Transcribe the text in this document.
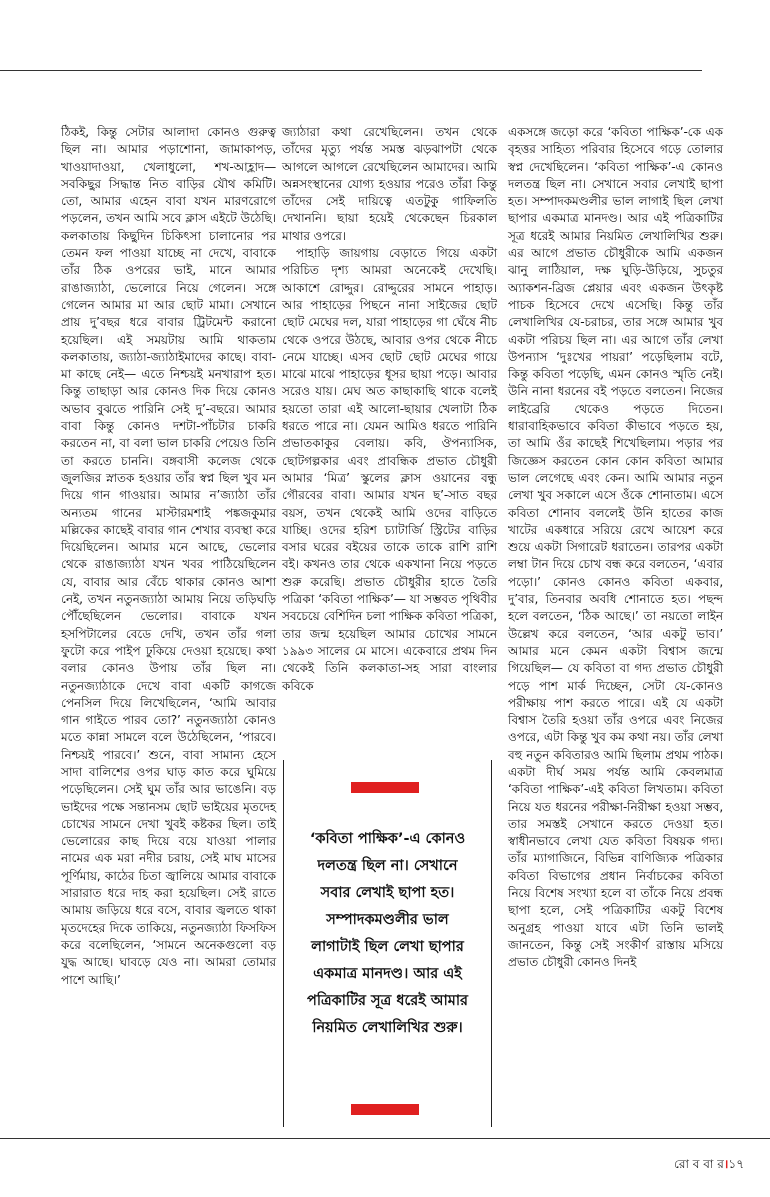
ঠিকই, কিন্তু সেটার আলাদা কোনও গুরুত্ব ছিল না। আমার পড়াশোনা, জামাকাপড়, খাওয়াদাওয়া, খেলাধুলো, শখ-আহ্লাদ— সবকিছুর সিদ্ধান্ত নিত বাড়ির যৌথ কমিটি। তো, আমার এহেন বাবা যখন মারণরোগে পড়লেন, তখন আমি সবে ক্লাস এইটে উঠেছি। কলকাতায় কিছুদিন চিকিৎসা চালানোর পর তেমন ফল পাওয়া যাচ্ছে না দেখে, বাবাকে তাঁর ঠিক ওপরের ভাই, মানে আমার রাঙাজ্যাঠা, ভেলোরে নিয়ে গেলেন। সঙ্গে গেলেন আমার মা আর ছোট মামা। সেখানে প্রায় দু’বছর ধরে বাবার ট্রিটমেন্ট করানো হয়েছিল। এই সময়টায় আমি থাকতাম কলকাতায়, জ্যাঠা-জ্যাঠাইমাদের কাছে। বাবা-মা কাছে নেই— এতে নিশ্চয়ই মনখারাপ হত। কিন্তু তাছাড়া আর কোনও দিক দিয়ে কোনও অভাব বুঝতে পারিনি সেই দু’-বছরে। আমার বাবা কিন্তু কোনও দশটা-পাঁচটার চাকরি করতেন না, বা বলা ভাল চাকরি পেয়েও তিনি তা করতে চাননি। বঙ্গবাসী কলেজ থেকে জুলজির স্নাতক হওয়ার তাঁর স্বপ্ন ছিল খুব মন দিয়ে গান গাওয়ার। আমার ন’জ্যাঠা তাঁর অন্যতম গানের মাস্টারমশাই পঙ্কজকুমার মল্লিকের কাছেই বাবার গান শেখার ব্যবস্থা করে দিয়েছিলেন। আমার মনে আছে, ভেলোর থেকে রাঙাজ্যাঠা যখন খবর পাঠিয়েছিলেন যে, বাবার আর বেঁচে থাকার কোনও আশা নেই, তখন নতুনজ্যাঠা আমায় নিয়ে তড়িঘড়ি পৌঁছেছিলেন ভেলোর। বাবাকে যখন হসপিটালের বেডে দেখি, তখন তাঁর গলা ফুটো করে পাইপ ঢুকিয়ে দেওয়া হয়েছে। কথা বলার কোনও উপায় তাঁর ছিল না। নতুনজ্যাঠাকে দেখে বাবা একটি কাগজে পেনসিল দিয়ে লিখেছিলেন, ‘আমি আবার গান গাইতে পারব তো?’ নতুনজ্যাঠা কোনও মতে কান্না সামলে বলে উঠেছিলেন, ‘পারবে। নিশ্চয়ই পারবে।’ শুনে, বাবা সামান্য হেসে সাদা বালিশের ওপর ঘাড় কাত করে ঘুমিয়ে পড়েছিলেন। সেই ঘুম তাঁর আর ভাঙেনি। বড় ভাইদের পক্ষে সন্তানসম ছোট ভাইয়ের মৃতদেহ চোখের সামনে দেখা খুবই কষ্টকর ছিল। তাই ভেলোরের কাছ দিয়ে বয়ে যাওয়া পালার নামের এক মরা নদীর চরায়, সেই মাঘ মাসের পূর্ণিমায়, কাঠের চিতা জ্বালিয়ে আমার বাবাকে সারারাত ধরে দাহ করা হয়েছিল। সেই রাতে আমায় জড়িয়ে ধরে বসে, বাবার জ্বলতে থাকা মৃতদেহের দিকে তাকিয়ে, নতুনজ্যাঠা ফিসফিস করে বলেছিলেন, ‘সামনে অনেকগুলো বড় যুদ্ধ আছে। ঘাবড়ে যেও না। আমরা তোমার পাশে আছি।’

জ্যাঠারা কথা রেখেছিলেন। তখন থেকে তাঁদের মৃত্যু পর্যন্ত সমস্ত ঝড়ঝাপটা থেকে আগলে আগলে রেখেছিলেন আমাদের। আমি অন্নসংস্থানের যোগ্য হওয়ার পরেও তাঁরা কিন্তু তাঁদের সেই দায়িত্বে এতটুকু গাফিলতি দেখাননি। ছায়া হয়েই থেকেছেন চিরকাল মাথার ওপরে।

পাহাড়ি জায়গায় বেড়াতে গিয়ে একটা পরিচিত দৃশ্য আমরা অনেকেই দেখেছি। আকাশে রোদ্দুর। রোদ্দুরের সামনে পাহাড়। আর পাহাড়ের পিছনে নানা সাইজের ছোট ছোট মেঘের দল, যারা পাহাড়ের গা ঘেঁষে নীচ থেকে ওপরে উঠছে, আবার ওপর থেকে নীচে নেমে যাচ্ছে। এসব ছোট ছোট মেঘের গায়ে মাঝে মাঝে পাহাড়ের ধূসর ছায়া পড়ে। আবার সরেও যায়। মেঘ অত কাছাকাছি থাকে বলেই হয়তো তারা এই আলো-ছায়ার খেলাটা ঠিক ধরতে পারে না। যেমন আমিও ধরতে পারিনি প্রভাতকাকুর বেলায়। কবি, ঔপন্যাসিক, ছোটগল্পকার এবং প্রাবন্ধিক প্রভাত চৌধুরী আমার ‘মিত্র’ স্কুলের ক্লাস ওয়ানের বন্ধু গৌরবের বাবা। আমার যখন ছ’-সাত বছর বয়স, তখন থেকেই আমি ওদের বাড়িতে যাচ্ছি। ওদের হরিশ চ্যাটার্জি স্ট্রিটের বাড়ির বসার ঘরের বইয়ের তাকে তাকে রাশি রাশি বই। কখনও তার থেকে একখানা নিয়ে পড়তে শুরু করেছি। প্রভাত চৌধুরীর হাতে তৈরি পত্রিকা ‘কবিতা পাক্ষিক’— যা সম্ভবত পৃথিবীর সবচেয়ে বেশিদিন চলা পাক্ষিক কবিতা পত্রিকা, তার জন্ম হয়েছিল আমার চোখের সামনে ১৯৯৩ সালের মে মাসে। একেবারে প্রথম দিন থেকেই তিনি কলকাতা-সহ সারা বাংলার কবিকে

একসঙ্গে জড়ো করে ‘কবিতা পাক্ষিক’-কে এক বৃহত্তর সাহিত্য পরিবার হিসেবে গড়ে তোলার স্বপ্ন দেখেছিলেন। ‘কবিতা পাক্ষিক’-এ কোনও দলতন্ত্র ছিল না। সেখানে সবার লেখাই ছাপা হত। সম্পাদকমণ্ডলীর ভাল লাগাই ছিল লেখা ছাপার একমাত্র মানদণ্ড। আর এই পত্রিকাটির সূত্র ধরেই আমার নিয়মিত লেখালিখির শুরু। এর আগে প্রভাত চৌধুরীকে আমি একজন ঝানু লাঠিয়াল, দক্ষ ঘুড়ি-উড়িয়ে, সুচতুর অ্যাকশন-ব্রিজ প্লেয়ার এবং একজন উৎকৃষ্ট পাচক হিসেবে দেখে এসেছি। কিন্তু তাঁর লেখালিখির যে-চরাচর, তার সঙ্গে আমার খুব একটা পরিচয় ছিল না। এর আগে তাঁর লেখা উপন্যাস ‘দুঃখের পায়রা’ পড়েছিলাম বটে, কিন্তু কবিতা পড়েছি, এমন কোনও স্মৃতি নেই। উনি নানা ধরনের বই পড়তে বলতেন। নিজের লাইব্রেরি থেকেও পড়তে দিতেন। ধারাবাহিকভাবে কবিতা কীভাবে পড়তে হয়, তা আমি ওঁর কাছেই শিখেছিলাম। পড়ার পর জিজ্ঞেস করতেন কোন কোন কবিতা আমার ভাল লেগেছে এবং কেন। আমি আমার নতুন লেখা খুব সকালে এসে ওঁকে শোনাতাম। এসে কবিতা শোনাব বললেই উনি হাতের কাজ খাটের একধারে সরিয়ে রেখে আয়েশ করে শুয়ে একটা সিগারেট ধরাতেন। তারপর একটা লম্বা টান দিয়ে চোখ বন্ধ করে বলতেন, ‘এবার পড়ো।’ কোনও কোনও কবিতা একবার, দু’বার, তিনবার অবধি শোনাতে হত। পছন্দ হলে বলতেন, ‘ঠিক আছে।’ তা নয়তো লাইন উল্লেখ করে বলতেন, ‘আর একটু ভাব।’ আমার মনে কেমন একটা বিশ্বাস জন্মে গিয়েছিল— যে কবিতা বা গদ্য প্রভাত চৌধুরী পড়ে পাশ মার্ক দিচ্ছেন, সেটা যে-কোনও পরীক্ষায় পাশ করতে পারে। এই যে একটা বিশ্বাস তৈরি হওয়া তাঁর ওপরে এবং নিজের ওপরে, এটা কিন্তু খুব কম কথা নয়। তাঁর লেখা বহু নতুন কবিতারও আমি ছিলাম প্রথম পাঠক। একটা দীর্ঘ সময় পর্যন্ত আমি কেবলমাত্র ‘কবিতা পাক্ষিক’-এই কবিতা লিখতাম। কবিতা নিয়ে যত ধরনের পরীক্ষা-নিরীক্ষা হওয়া সম্ভব, তার সমস্তই সেখানে করতে দেওয়া হত। স্বাধীনভাবে লেখা যেত কবিতা বিষয়ক গদ্য। তাঁর ম্যাগাজিনে, বিভিন্ন বাণিজ্যিক পত্রিকার কবিতা বিভাগের প্রধান নির্বাচকের কবিতা নিয়ে বিশেষ সংখ্যা হলে বা তাঁকে নিয়ে প্রবন্ধ ছাপা হলে, সেই পত্রিকাটির একটু বিশেষ অনুগ্রহ পাওয়া যাবে এটা তিনি ভালই জানতেন, কিন্তু সেই সংকীর্ণ রাস্তায় মসিয়ে প্রভাত চৌধুরী কোনও দিনই

‘কবিতা পাক্ষিক’-এ কোনও দলতন্ত্র ছিল না। সেখানে সবার লেখাই ছাপা হত। সম্পাদকমণ্ডলীর ভাল লাগাটাই ছিল লেখা ছাপার একমাত্র মানদণ্ড। আর এই পত্রিকাটির সূত্র ধরেই আমার নিয়মিত লেখালিখির শুরু।
রো ব বা র।১৭
